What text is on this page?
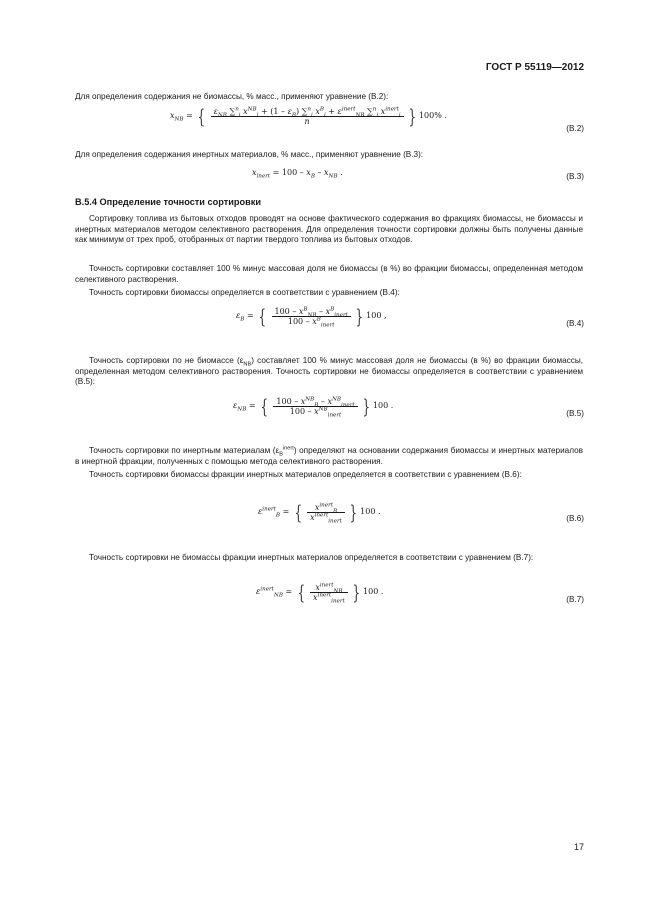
ГОСТ Р 55119—2012
Для определения содержания не биомассы, % масс., применяют уравнение (B.2):
$x_{NB}$ = { $\frac{\varepsilon_{NB} \sum^n_i x^{NB}_i + (1 - \varepsilon_B) \sum^n_i x^B_i + \varepsilon^{inert}_{NB} \sum^n_i x^{inert}_i}{n}$ } 100% .
(B.2)
Для определения содержания инертных материалов, % масс., применяют уравнение (B.3):
$x_{inert} = 100 - x_B - x_{NB}$ .	(B.3)
B.5.4 Определение точности сортировки
Сортировку топлива из бытовых отходов проводят на основе фактического содержания во фракциях биомассы, не биомассы и инертных материалов методом селективного растворения. Для определения точности сортировки должны быть получены данные как минимум от трех проб, отобранных от партии твердого топлива из бытовых отходов.
Точность сортировки составляет 100 % минус массовая доля не биомассы (в %) во фракции биомассы, определенная методом селективного растворения.
Точность сортировки биомассы определяется в соответствии с уравнением (B.4):
$\varepsilon_B$ = { $\frac{100 - x^B_{NB} - x^B_{inert}}{100 - x^B_{inert}}$ } 100 ,
(B.4)
Точность сортировки по не биомассе $(\varepsilon_{NB})$ составляет 100 % минус массовая доля не биомассы (в %) во фракции биомассы, определенная методом селективного растворения. Точность сортировки не биомассы определяется в соответствии с уравнением (B.5):
$\varepsilon_{NB}$ = { $\frac{100 - x^{NB}_B - x^{NB}_{inert}}{100 - x^{NB}_{inert}}$ } 100 .
(B.5)
Точность сортировки по инертным материалам $(\varepsilon_B^{inert})$ определяют на основании содержания биомассы и инертных материалов в инертной фракции, полученных с помощью метода селективного растворения.
Точность сортировки биомассы фракции инертных материалов определяется в соответствии с уравнением (B.6):
$\varepsilon^{inert}_B$ = { $\frac{x^{inert}_B}{x^{inert}_{inert}}$ } 100 .
(B.6)
Точность сортировки не биомассы фракции инертных материалов определяется в соответствии с уравнением (B.7):
$\varepsilon^{inert}_{NB}$ = { $\frac{x^{inert}_{NB}}{x^{inert}_{inert}}$ } 100 .
(B.7)
17
